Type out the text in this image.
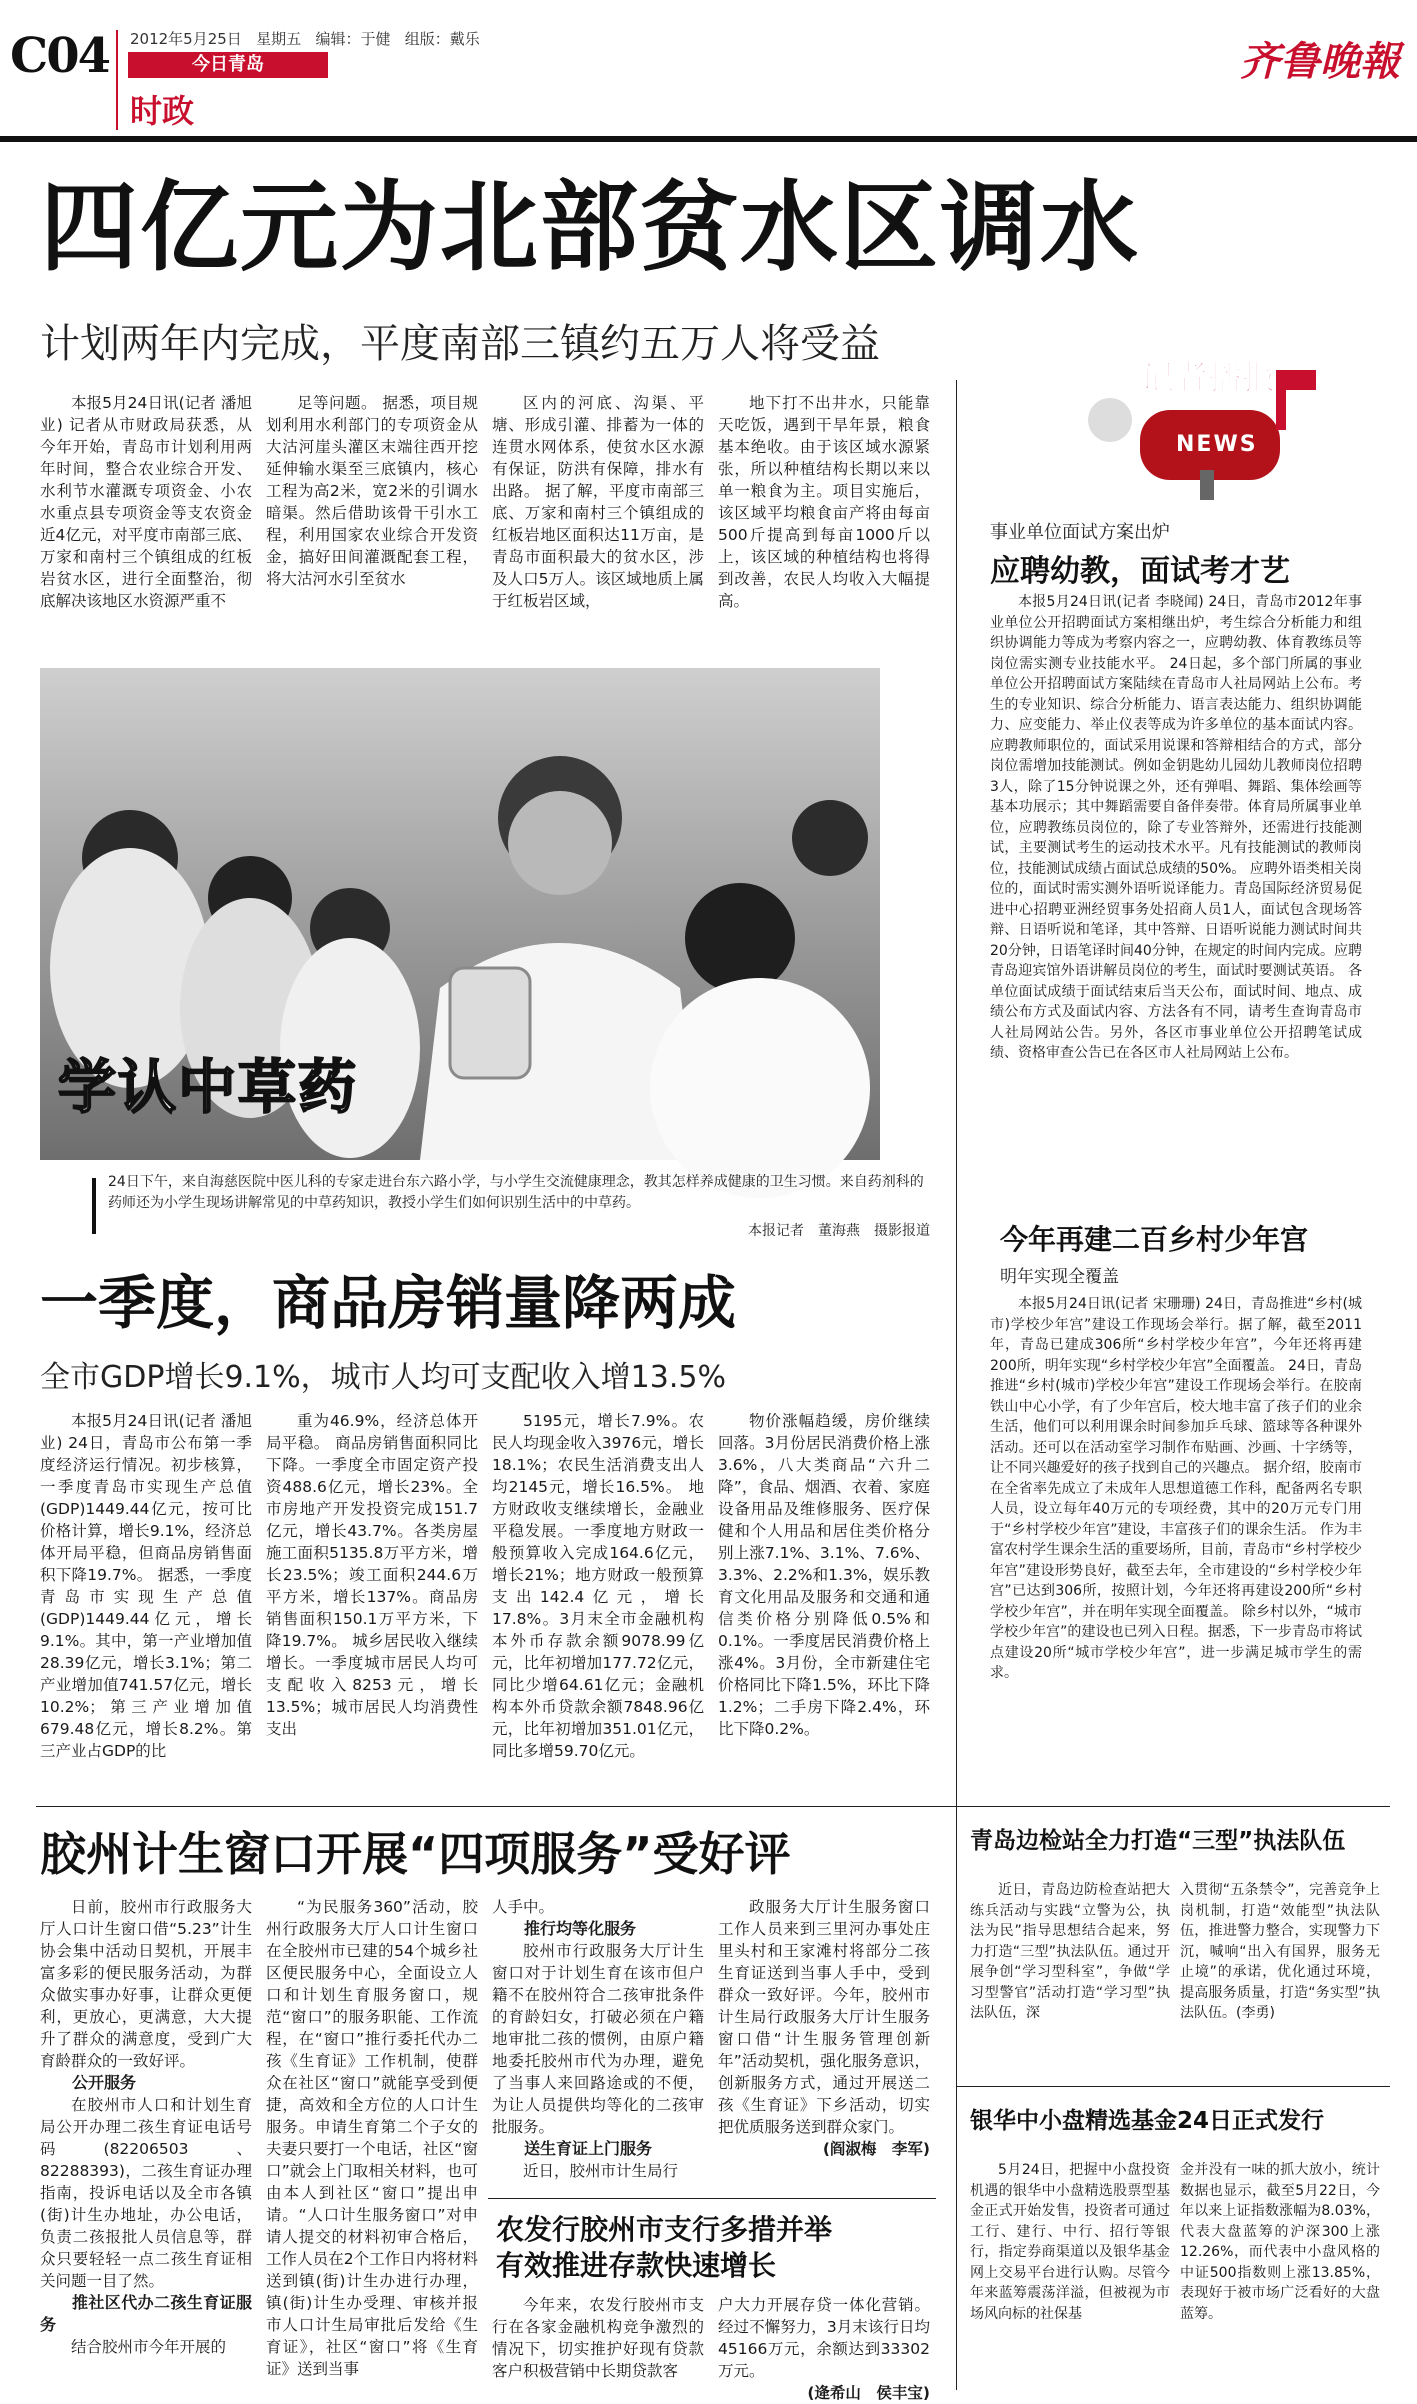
C04 2012年5月25日 星期五 编辑：于健 组版：戴乐
今日青岛
时政
齐鲁晚報
四亿元为北部贫水区调水
计划两年内完成，平度南部三镇约五万人将受益

本报5月24日讯(记者 潘旭业) 记者从市财政局获悉，从今年开始，青岛市计划利用两年时间，整合农业综合开发、水利节水灌溉专项资金、小农水重点县专项资金等支农资金近4亿元，对平度市南部三底、万家和南村三个镇组成的红板岩贫水区，进行全面整治，彻底解决该地区水资源严重不

足等问题。 据悉，项目规划利用水利部门的专项资金从大沽河崖头灌区末端往西开挖延伸输水渠至三底镇内，核心工程为高2米，宽2米的引调水暗渠。然后借助该骨干引水工程，利用国家农业综合开发资金，搞好田间灌溉配套工程，将大沽河水引至贫水

区内的河底、沟渠、平塘、形成引灌、排蓄为一体的连贯水网体系，使贫水区水源有保证，防洪有保障，排水有出路。 据了解，平度市南部三底、万家和南村三个镇组成的红板岩地区面积达11万亩，是青岛市面积最大的贫水区，涉及人口5万人。该区域地质上属于红板岩区域，

地下打不出井水，只能靠天吃饭，遇到干旱年景，粮食基本绝收。由于该区域水源紧张，所以种植结构长期以来以单一粮食为主。项目实施后，该区域平均粮食亩产将由每亩500斤提高到每亩1000斤以上，该区域的种植结构也将得到改善，农民人均收入大幅提高。

学认中草药
24日下午，来自海慈医院中医儿科的专家走进台东六路小学，与小学生交流健康理念，教其怎样养成健康的卫生习惯。来自药剂科的药师还为小学生现场讲解常见的中草药知识，教授小学生们如何识别生活中的中草药。
本报记者　董海燕　摄影报道
一季度，商品房销量降两成
全市GDP增长9.1%，城市人均可支配收入增13.5%

本报5月24日讯(记者 潘旭业) 24日，青岛市公布第一季度经济运行情况。初步核算，一季度青岛市实现生产总值(GDP)1449.44亿元，按可比价格计算，增长9.1%，经济总体开局平稳，但商品房销售面积下降19.7%。 据悉，一季度青岛市实现生产总值(GDP)1449.44亿元，增长9.1%。其中，第一产业增加值28.39亿元，增长3.1%；第二产业增加值741.57亿元，增长10.2%；第三产业增加值679.48亿元，增长8.2%。第三产业占GDP的比

重为46.9%，经济总体开局平稳。 商品房销售面积同比下降。一季度全市固定资产投资488.6亿元，增长23%。全市房地产开发投资完成151.7亿元，增长43.7%。各类房屋施工面积5135.8万平方米，增长23.5%；竣工面积244.6万平方米，增长137%。商品房销售面积150.1万平方米，下降19.7%。 城乡居民收入继续增长。一季度城市居民人均可支配收入8253元，增长13.5%；城市居民人均消费性支出

5195元，增长7.9%。农民人均现金收入3976元，增长18.1%；农民生活消费支出人均2145元，增长16.5%。 地方财政收支继续增长，金融业平稳发展。一季度地方财政一般预算收入完成164.6亿元，增长21%；地方财政一般预算支出142.4亿元，增长17.8%。3月末全市金融机构本外币存款余额9078.99亿元，比年初增加177.72亿元，同比少增64.61亿元；金融机构本外币贷款余额7848.96亿元，比年初增加351.01亿元，同比多增59.70亿元。

物价涨幅趋缓，房价继续回落。3月份居民消费价格上涨3.6%，八大类商品“六升二降”，食品、烟酒、衣着、家庭设备用品及维修服务、医疗保健和个人用品和居住类价格分别上涨7.1%、3.1%、7.6%、3.3%、2.2%和1.3%，娱乐教育文化用品及服务和交通和通信类价格分别降低0.5%和0.1%。一季度居民消费价格上涨4%。3月份，全市新建住宅价格同比下降1.5%，环比下降1.2%；二手房下降2.4%，环比下降0.2%。

胶州计生窗口开展“四项服务”受好评

日前，胶州市行政服务大厅人口计生窗口借“5.23”计生协会集中活动日契机，开展丰富多彩的便民服务活动，为群众做实事办好事，让群众更便利，更放心，更满意，大大提升了群众的满意度，受到广大育龄群众的一致好评。

公开服务

在胶州市人口和计划生育局公开办理二孩生育证电话号码(82206503、82288393)，二孩生育证办理指南，投诉电话以及全市各镇(街)计生办地址，办公电话，负责二孩报批人员信息等，群众只要轻轻一点二孩生育证相关问题一目了然。

推社区代办二孩生育证服务

结合胶州市今年开展的

“为民服务360”活动，胶州行政服务大厅人口计生窗口在全胶州市已建的54个城乡社区便民服务中心，全面设立人口和计划生育服务窗口，规范“窗口”的服务职能、工作流程，在“窗口”推行委托代办二孩《生育证》工作机制，使群众在社区“窗口”就能享受到便捷，高效和全方位的人口计生服务。申请生育第二个子女的夫妻只要打一个电话，社区“窗口”就会上门取相关材料，也可由本人到社区“窗口”提出申请。“人口计生服务窗口”对申请人提交的材料初审合格后，工作人员在2个工作日内将材料送到镇(街)计生办进行办理，镇(街)计生办受理、审核并报市人口计生局审批后发给《生育证》，社区“窗口”将《生育证》送到当事

人手中。

推行均等化服务

胶州市行政服务大厅计生窗口对于计划生育在该市但户籍不在胶州符合二孩审批条件的育龄妇女，打破必须在户籍地审批二孩的惯例，由原户籍地委托胶州市代为办理，避免了当事人来回路途或的不便，为让人员提供均等化的二孩审批服务。

送生育证上门服务

近日，胶州市计生局行

政服务大厅计生服务窗口工作人员来到三里河办事处庄里头村和王家滩村将部分二孩生育证送到当事人手中，受到群众一致好评。今年，胶州市计生局行政服务大厅计生服务窗口借“计生服务管理创新年”活动契机，强化服务意识，创新服务方式，通过开展送二孩《生育证》下乡活动，切实把优质服务送到群众家门。

(阎淑梅　李军)
农发行胶州市支行多措并举
有效推进存款快速增长

今年来，农发行胶州市支行在各家金融机构竞争激烈的情况下，切实推护好现有贷款客户积极营销中长期贷款客

户大力开展存贷一体化营销。经过不懈努力，3月末该行日均45166万元，余额达到33302万元。

(逄希山　侯丰宝)
记者播报
NEWS
事业单位面试方案出炉
应聘幼教，面试考才艺

本报5月24日讯(记者 李晓闻) 24日，青岛市2012年事业单位公开招聘面试方案相继出炉，考生综合分析能力和组织协调能力等成为考察内容之一，应聘幼教、体育教练员等岗位需实测专业技能水平。 24日起，多个部门所属的事业单位公开招聘面试方案陆续在青岛市人社局网站上公布。考生的专业知识、综合分析能力、语言表达能力、组织协调能力、应变能力、举止仪表等成为许多单位的基本面试内容。应聘教师职位的，面试采用说课和答辩相结合的方式，部分岗位需增加技能测试。例如金钥匙幼儿园幼儿教师岗位招聘3人，除了15分钟说课之外，还有弹唱、舞蹈、集体绘画等基本功展示；其中舞蹈需要自备伴奏带。体育局所属事业单位，应聘教练员岗位的，除了专业答辩外，还需进行技能测试，主要测试考生的运动技术水平。凡有技能测试的教师岗位，技能测试成绩占面试总成绩的50%。 应聘外语类相关岗位的，面试时需实测外语听说译能力。青岛国际经济贸易促进中心招聘亚洲经贸事务处招商人员1人，面试包含现场答辩、日语听说和笔译，其中答辩、日语听说能力测试时间共20分钟，日语笔译时间40分钟，在规定的时间内完成。应聘青岛迎宾馆外语讲解员岗位的考生，面试时要测试英语。 各单位面试成绩于面试结束后当天公布，面试时间、地点、成绩公布方式及面试内容、方法各有不同，请考生查询青岛市人社局网站公告。另外，各区市事业单位公开招聘笔试成绩、资格审查公告已在各区市人社局网站上公布。

今年再建二百乡村少年宫
明年实现全覆盖

本报5月24日讯(记者 宋珊珊) 24日，青岛推进“乡村(城市)学校少年宫”建设工作现场会举行。据了解，截至2011年，青岛已建成306所“乡村学校少年宫”，今年还将再建200所，明年实现“乡村学校少年宫”全面覆盖。 24日，青岛推进“乡村(城市)学校少年宫”建设工作现场会举行。在胶南铁山中心小学，有了少年宫后，校大地丰富了孩子们的业余生活，他们可以利用课余时间参加乒乓球、篮球等各种课外活动。还可以在活动室学习制作布贴画、沙画、十字绣等，让不同兴趣爱好的孩子找到自己的兴趣点。 据介绍，胶南市在全省率先成立了未成年人思想道德工作科，配备两名专职人员，设立每年40万元的专项经费，其中的20万元专门用于“乡村学校少年宫”建设，丰富孩子们的课余生活。 作为丰富农村学生课余生活的重要场所，目前，青岛市“乡村学校少年宫”建设形势良好，截至去年，全市建设的“乡村学校少年宫”已达到306所，按照计划，今年还将再建设200所“乡村学校少年宫”，并在明年实现全面覆盖。 除乡村以外，“城市学校少年宫”的建设也已列入日程。据悉，下一步青岛市将试点建设20所“城市学校少年宫”，进一步满足城市学生的需求。

青岛边检站全力打造“三型”执法队伍

近日，青岛边防检查站把大练兵活动与实践“立警为公，执法为民”指导思想结合起来，努力打造“三型”执法队伍。通过开展争创“学习型科室”，争做“学习型警官”活动打造“学习型”执法队伍，深

入贯彻“五条禁令”，完善竞争上岗机制，打造“效能型”执法队伍，推进警力整合，实现警力下沉，喊响“出入有国界，服务无止境”的承诺，优化通过环境，提高服务质量，打造“务实型”执法队伍。(李勇)

银华中小盘精选基金24日正式发行

5月24日，把握中小盘投资机遇的银华中小盘精选股票型基金正式开始发售，投资者可通过工行、建行、中行、招行等银行，指定券商渠道以及银华基金网上交易平台进行认购。尽管今年来蓝筹震荡洋溢，但被视为市场风向标的社保基

金并没有一味的抓大放小，统计数据也显示，截至5月22日，今年以来上证指数涨幅为8.03%，代表大盘蓝筹的沪深300上涨12.26%，而代表中小盘风格的中证500指数则上涨13.85%，表现好于被市场广泛看好的大盘蓝筹。
